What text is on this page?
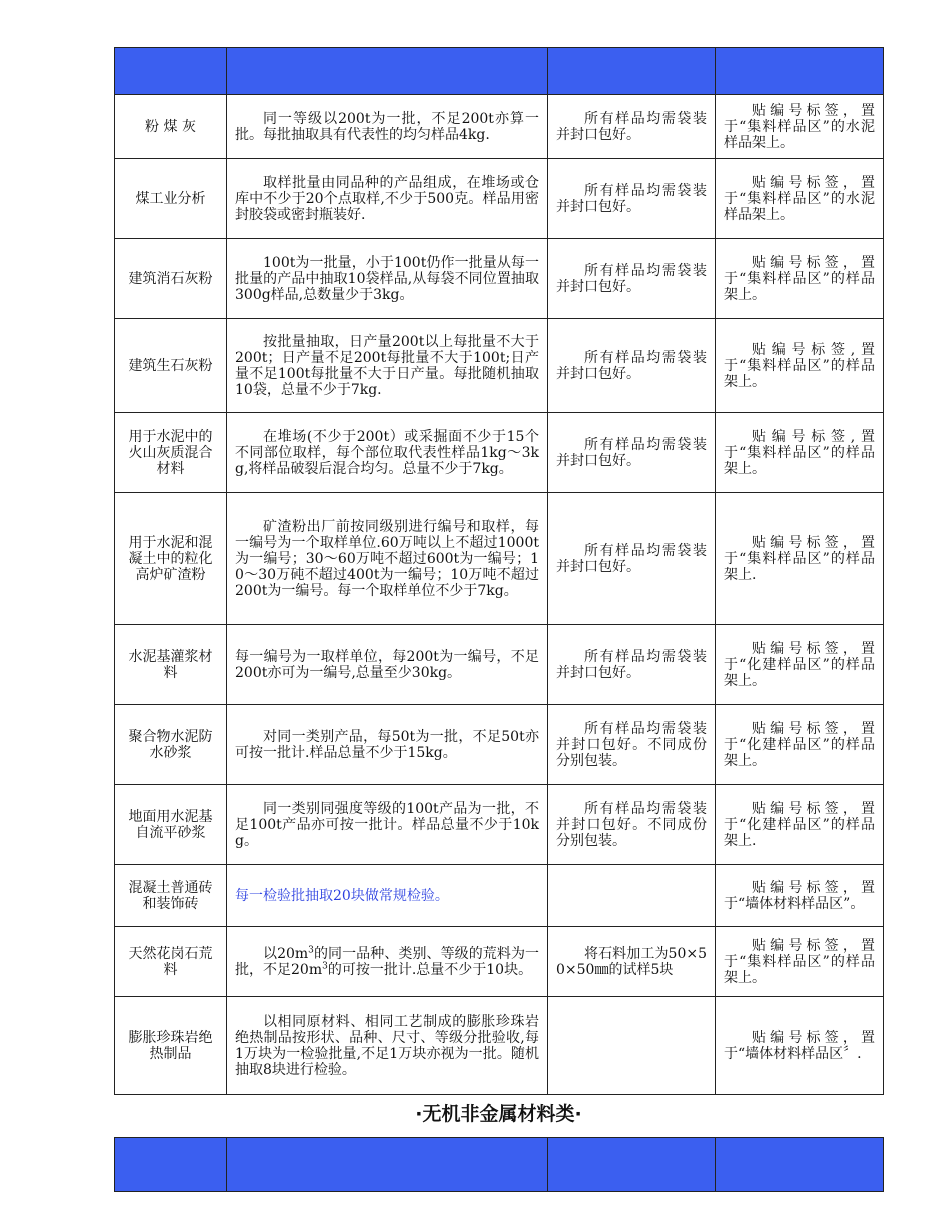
粉 煤 灰	同一等级以200t为一批，不足200t亦算一批。每批抽取具有代表性的均匀样品4kg.	所有样品均需袋装并封口包好。	贴编号标签，置于“集料样品区”的水泥样品架上。
煤工业分析	取样批量由同品种的产品组成，在堆场或仓库中不少于20个点取样,不少于500克。样品用密封胶袋或密封瓶装好.	所有样品均需袋装并封口包好。	贴编号标签，置于“集料样品区”的水泥样品架上。
建筑消石灰粉	100t为一批量，小于100t仍作一批量从每一批量的产品中抽取10袋样品,从每袋不同位置抽取300g样品,总数量少于3kg。	所有样品均需袋装并封口包好。	贴编号标签，置于“集料样品区”的样品架上。
建筑生石灰粉	按批量抽取，日产量200t以上每批量不大于200t；日产量不足200t每批量不大于100t;日产量不足100t每批量不大于日产量。每批随机抽取10袋，总量不少于7kg.	所有样品均需袋装并封口包好。	贴编号标签,置于“集料样品区”的样品架上。
用于水泥中的火山灰质混合材料	在堆场(不少于200t）或采掘面不少于15个不同部位取样，每个部位取代表性样品1kg～3kg,将样品破裂后混合均匀。总量不少于7kg。	所有样品均需袋装并封口包好。	贴编号标签,置于“集料样品区”的样品架上。
用于水泥和混凝土中的粒化高炉矿渣粉	矿渣粉出厂前按同级别进行编号和取样，每一编号为一个取样单位.60万吨以上不超过1000t为一编号；30～60万吨不超过600t为一编号；10～30万砘不超过400t为一编号；10万吨不超过200t为一编号。每一个取样单位不少于7kg。	所有样品均需袋装并封口包好。	贴编号标签，置于“集料样品区”的样品架上.
水泥基灌浆材料	每一编号为一取样单位，每200t为一编号，不足200t亦可为一编号,总量至少30kg。	所有样品均需袋装并封口包好。	贴编号标签，置于“化建样品区”的样品架上。
聚合物水泥防水砂浆	对同一类别产品，每50t为一批，不足50t亦可按一批计.样品总量不少于15kg。	所有样品均需袋装并封口包好。不同成份分别包装。	贴编号标签，置于“化建样品区”的样品架上。
地面用水泥基自流平砂浆	同一类别同强度等级的100t产品为一批，不足100t产品亦可按一批计。样品总量不少于10kg。	所有样品均需袋装并封口包好。不同成份分别包装。	贴编号标签，置于“化建样品区”的样品架上.
混凝土普通砖和装饰砖	每一检验批抽取20块做常规检验。		贴编号标签，置于“墙体材料样品区”。
天然花岗石荒料	以$20m^3$的同一品种、类别、等级的荒料为一批，不足$20m^3$的可按一批计.总量不少于10块。	将石料加工为50×50×50㎜的试样5块	贴编号标签，置于“集料样品区”的样品架上。
膨胀珍珠岩绝热制品	以相同原材料、相同工艺制成的膨胀珍珠岩绝热制品按形状、品种、尺寸、等级分批验收,每1万块为一检验批量,不足1万块亦视为一批。随机抽取8块进行检验。		贴编号标签，置于“墙体材料样品区〞.
·无机非金属材料类·
